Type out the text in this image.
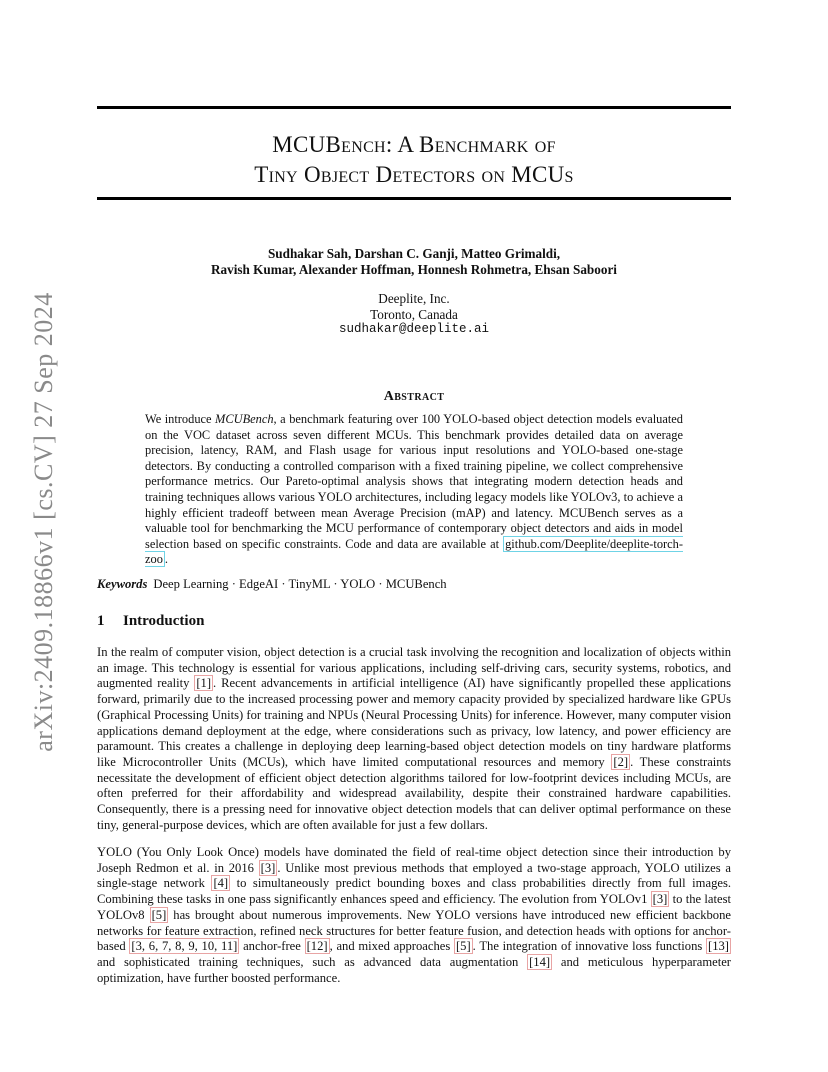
arXiv:2409.18866v1 [cs.CV] 27 Sep 2024
MCUBench: A Benchmark of
Tiny Object Detectors on MCUs
Sudhakar Sah, Darshan C. Ganji, Matteo Grimaldi,
Ravish Kumar, Alexander Hoffman, Honnesh Rohmetra, Ehsan Saboori
Deeplite, Inc.
Toronto, Canada
sudhakar@deeplite.ai
Abstract
We introduce MCUBench, a benchmark featuring over 100 YOLO-based object detection models evaluated on the VOC dataset across seven different MCUs. This benchmark provides detailed data on average precision, latency, RAM, and Flash usage for various input resolutions and YOLO-based one-stage detectors. By conducting a controlled comparison with a fixed training pipeline, we collect comprehensive performance metrics. Our Pareto-optimal analysis shows that integrating modern detection heads and training techniques allows various YOLO architectures, including legacy models like YOLOv3, to achieve a highly efficient tradeoff between mean Average Precision (mAP) and latency. MCUBench serves as a valuable tool for benchmarking the MCU performance of contemporary object detectors and aids in model selection based on specific constraints. Code and data are available at github.com/Deeplite/deeplite-torch-zoo .
Keywords Deep Learning · EdgeAI · TinyML · YOLO · MCUBench
1 Introduction
In the realm of computer vision, object detection is a crucial task involving the recognition and localization of objects within an image. This technology is essential for various applications, including self-driving cars, security systems, robotics, and augmented reality [1] . Recent advancements in artificial intelligence (AI) have significantly propelled these applications forward, primarily due to the increased processing power and memory capacity provided by specialized hardware like GPUs (Graphical Processing Units) for training and NPUs (Neural Processing Units) for inference. However, many computer vision applications demand deployment at the edge, where considerations such as privacy, low latency, and power efficiency are paramount. This creates a challenge in deploying deep learning-based object detection models on tiny hardware platforms like Microcontroller Units (MCUs), which have limited computational resources and memory [2] . These constraints necessitate the development of efficient object detection algorithms tailored for low-footprint devices including MCUs, are often preferred for their affordability and widespread availability, despite their constrained hardware capabilities. Consequently, there is a pressing need for innovative object detection models that can deliver optimal performance on these tiny, general-purpose devices, which are often available for just a few dollars.
YOLO (You Only Look Once) models have dominated the field of real-time object detection since their introduction by Joseph Redmon et al. in 2016 [3] . Unlike most previous methods that employed a two-stage approach, YOLO utilizes a single-stage network [4] to simultaneously predict bounding boxes and class probabilities directly from full images. Combining these tasks in one pass significantly enhances speed and efficiency. The evolution from YOLOv1 [3] to the latest YOLOv8 [5] has brought about numerous improvements. New YOLO versions have introduced new efficient backbone networks for feature extraction, refined neck structures for better feature fusion, and detection heads with options for anchor-based [3, 6, 7, 8, 9, 10, 11] anchor-free [12] , and mixed approaches [5] . The integration of innovative loss functions [13] and sophisticated training techniques, such as advanced data augmentation [14] and meticulous hyperparameter optimization, have further boosted performance.
